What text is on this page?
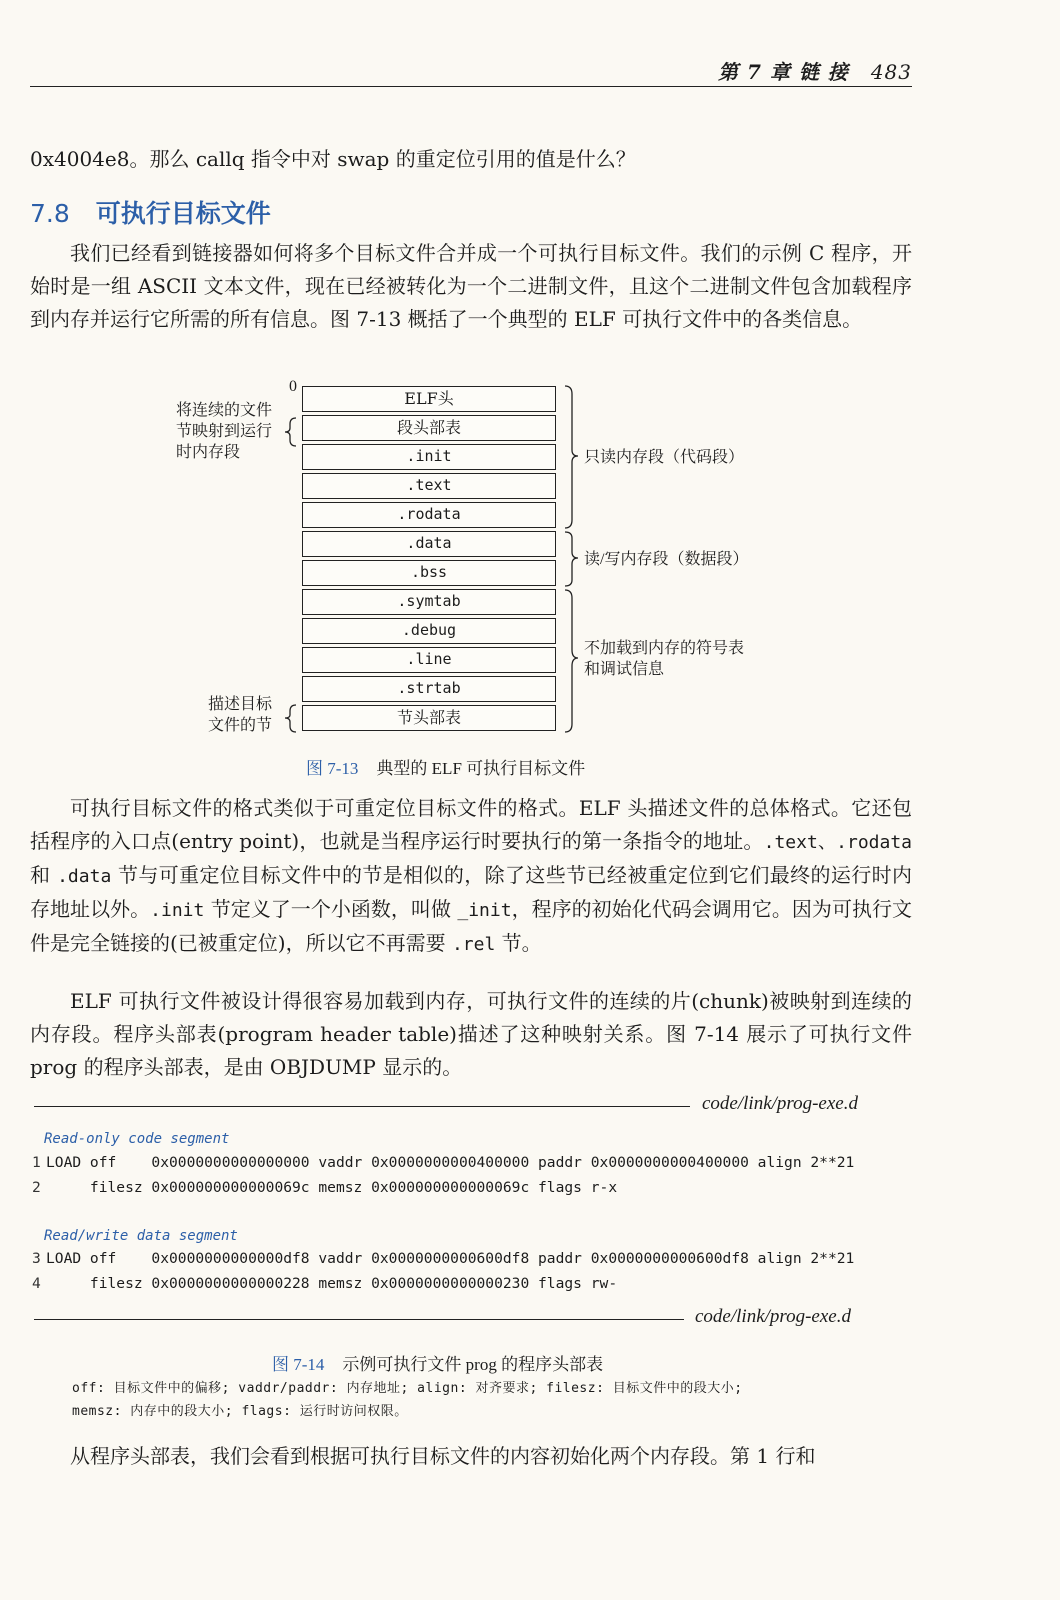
第 7 章 链 接 483
0x4004e8。那么 callq 指令中对 swap 的重定位引用的值是什么？
7.8 可执行目标文件
我们已经看到链接器如何将多个目标文件合并成一个可执行目标文件。我们的示例 C 程序，开始时是一组 ASCII 文本文件，现在已经被转化为一个二进制文件，且这个二进制文件包含加载程序到内存并运行它所需的所有信息。图 7-13 概括了一个典型的 ELF 可执行文件中的各类信息。
0
ELF头
段头部表
.init
.text
.rodata
.data
.bss
.symtab
.debug
.line
.strtab
节头部表
将连续的文件
节映射到运行
时内存段
描述目标
文件的节
只读内存段（代码段）
读/写内存段（数据段）
不加载到内存的符号表
和调试信息
图 7-13 典型的 ELF 可执行目标文件
可执行目标文件的格式类似于可重定位目标文件的格式。ELF 头描述文件的总体格式。它还包括程序的入口点(entry point)，也就是当程序运行时要执行的第一条指令的地址。.text、.rodata 和 .data 节与可重定位目标文件中的节是相似的，除了这些节已经被重定位到它们最终的运行时内存地址以外。.init 节定义了一个小函数，叫做 _init，程序的初始化代码会调用它。因为可执行文件是完全链接的(已被重定位)，所以它不再需要 .rel 节。
ELF 可执行文件被设计得很容易加载到内存，可执行文件的连续的片(chunk)被映射到连续的内存段。程序头部表(program header table)描述了这种映射关系。图 7-14 展示了可执行文件 prog 的程序头部表，是由 OBJDUMP 显示的。
code/link/prog-exe.d
Read-only code segment
1 LOAD off    0x0000000000000000 vaddr 0x0000000000400000 paddr 0x0000000000400000 align 2**21
2     filesz 0x000000000000069c memsz 0x000000000000069c flags r-x
Read/write data segment
3 LOAD off    0x0000000000000df8 vaddr 0x0000000000600df8 paddr 0x0000000000600df8 align 2**21
4     filesz 0x0000000000000228 memsz 0x0000000000000230 flags rw-
code/link/prog-exe.d
图 7-14 示例可执行文件 prog 的程序头部表
off: 目标文件中的偏移; vaddr/paddr: 内存地址; align: 对齐要求; filesz: 目标文件中的段大小;
memsz: 内存中的段大小; flags: 运行时访问权限。
从程序头部表，我们会看到根据可执行目标文件的内容初始化两个内存段。第 1 行和
